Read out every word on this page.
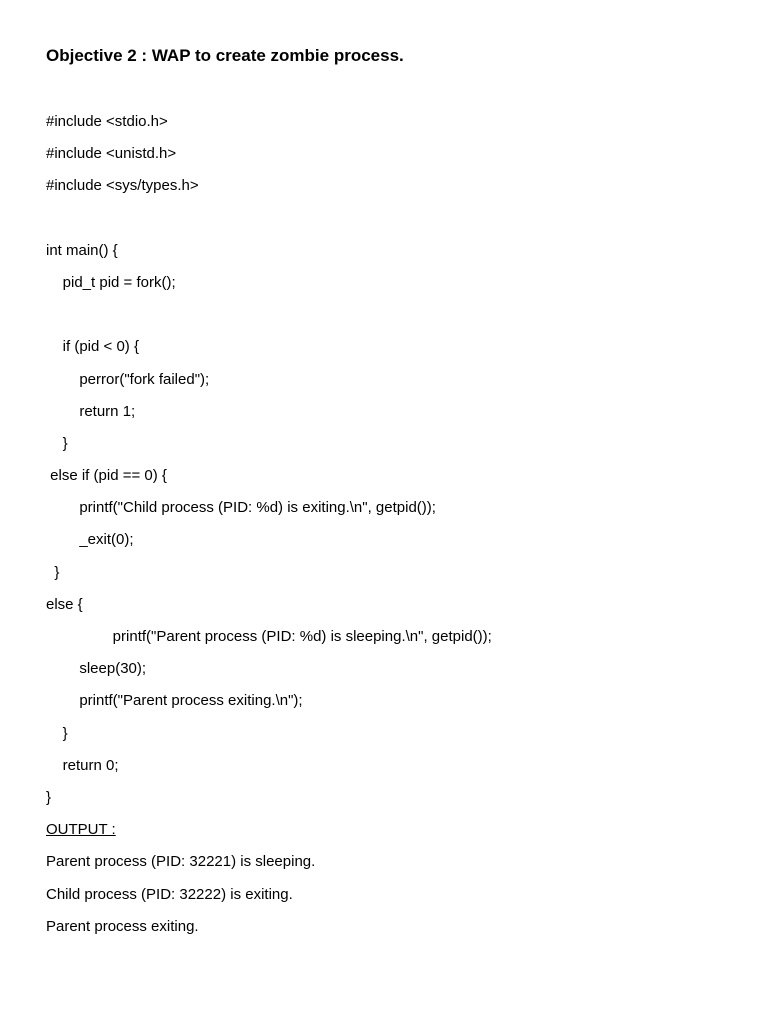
Objective 2 : WAP to create zombie process.
#include <stdio.h>
#include <unistd.h>
#include <sys/types.h>
int main() {
pid_t pid = fork();
if (pid < 0) {
perror("fork failed");
return 1;
}
else if (pid == 0) {
printf("Child process (PID: %d) is exiting.\n", getpid());
_exit(0);
}
else {
printf("Parent process (PID: %d) is sleeping.\n", getpid());
sleep(30);
printf("Parent process exiting.\n");
}
return 0;
}
OUTPUT :
Parent process (PID: 32221) is sleeping.
Child process (PID: 32222) is exiting.
Parent process exiting.
